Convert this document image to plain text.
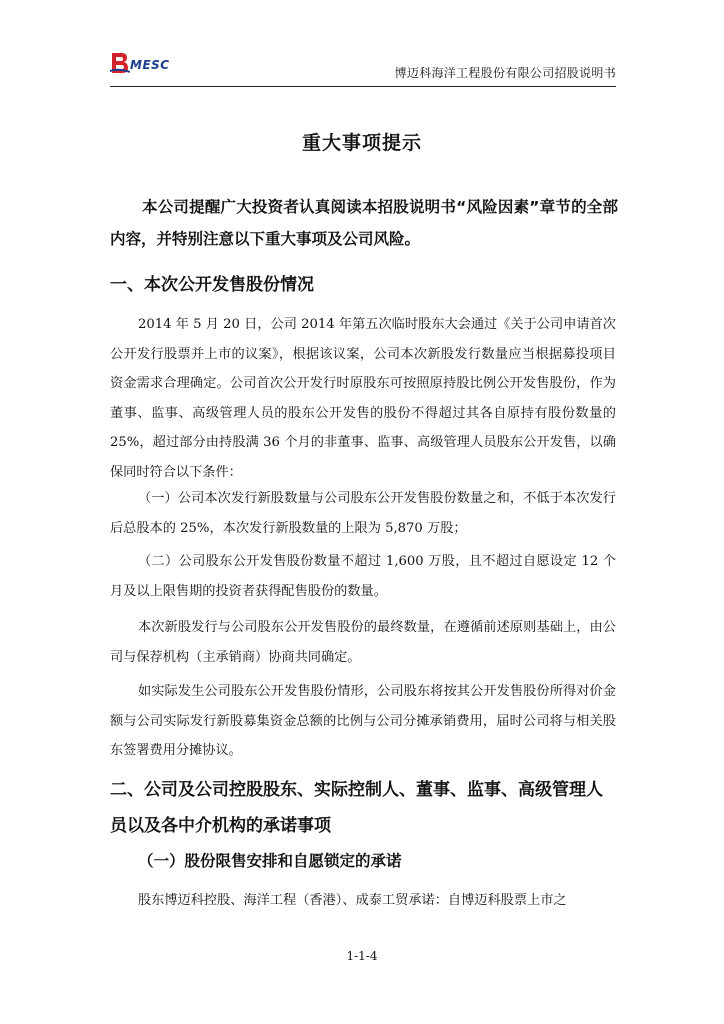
MESC
博迈科海洋工程股份有限公司招股说明书
重大事项提示
本公司提醒广大投资者认真阅读本招股说明书“风险因素”章节的全部内容，并特别注意以下重大事项及公司风险。
一、本次公开发售股份情况
2014 年 5 月 20 日，公司 2014 年第五次临时股东大会通过《关于公司申请首次公开发行股票并上市的议案》，根据该议案，公司本次新股发行数量应当根据募投项目资金需求合理确定。公司首次公开发行时原股东可按照原持股比例公开发售股份，作为董事、监事、高级管理人员的股东公开发售的股份不得超过其各自原持有股份数量的 25%，超过部分由持股满 36 个月的非董事、监事、高级管理人员股东公开发售，以确保同时符合以下条件：
（一）公司本次发行新股数量与公司股东公开发售股份数量之和，不低于本次发行后总股本的 25%，本次发行新股数量的上限为 5,870 万股；
（二）公司股东公开发售股份数量不超过 1,600 万股，且不超过自愿设定 12 个月及以上限售期的投资者获得配售股份的数量。
本次新股发行与公司股东公开发售股份的最终数量，在遵循前述原则基础上，由公司与保荐机构（主承销商）协商共同确定。
如实际发生公司股东公开发售股份情形，公司股东将按其公开发售股份所得对价金额与公司实际发行新股募集资金总额的比例与公司分摊承销费用，届时公司将与相关股东签署费用分摊协议。
二、公司及公司控股股东、实际控制人、董事、监事、高级管理人员以及各中介机构的承诺事项
（一）股份限售安排和自愿锁定的承诺
股东博迈科控股、海洋工程（香港）、成泰工贸承诺：自博迈科股票上市之
1-1-4
